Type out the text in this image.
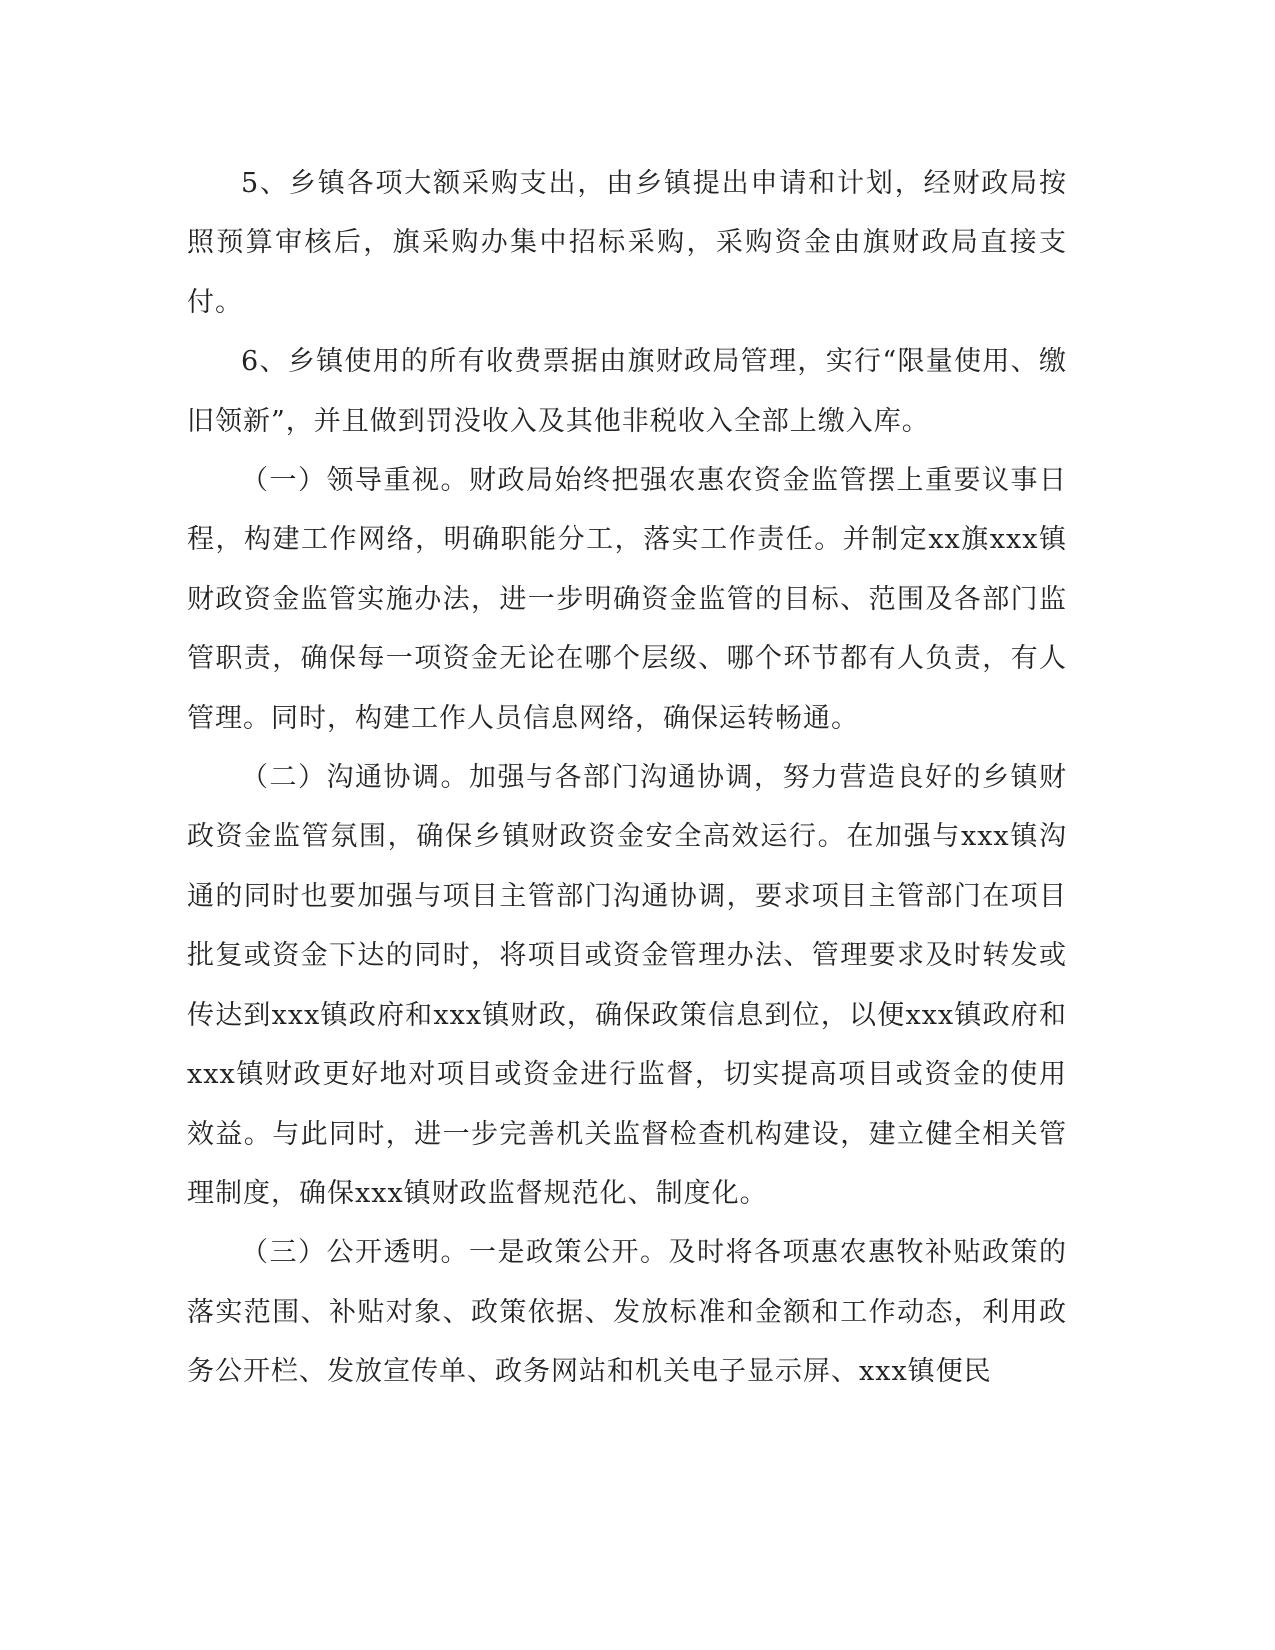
5、乡镇各项大额采购支出，由乡镇提出申请和计划，经财政局按照预算审核后，旗采购办集中招标采购，采购资金由旗财政局直接支付。

6、乡镇使用的所有收费票据由旗财政局管理，实行“限量使用、缴旧领新”，并且做到罚没收入及其他非税收入全部上缴入库。

（一）领导重视。财政局始终把强农惠农资金监管摆上重要议事日程，构建工作网络，明确职能分工，落实工作责任。并制定xx旗xxx镇财政资金监管实施办法，进一步明确资金监管的目标、范围及各部门监管职责，确保每一项资金无论在哪个层级、哪个环节都有人负责，有人管理。同时，构建工作人员信息网络，确保运转畅通。

（二）沟通协调。加强与各部门沟通协调，努力营造良好的乡镇财政资金监管氛围，确保乡镇财政资金安全高效运行。在加强与xxx镇沟通的同时也要加强与项目主管部门沟通协调，要求项目主管部门在项目批复或资金下达的同时，将项目或资金管理办法、管理要求及时转发或传达到xxx镇政府和xxx镇财政，确保政策信息到位，以便xxx镇政府和xxx镇财政更好地对项目或资金进行监督，切实提高项目或资金的使用效益。与此同时，进一步完善机关监督检查机构建设，建立健全相关管理制度，确保xxx镇财政监督规范化、制度化。

（三）公开透明。一是政策公开。及时将各项惠农惠牧补贴政策的落实范围、补贴对象、政策依据、发放标准和金额和工作动态，利用政务公开栏、发放宣传单、政务网站和机关电子显示屏、xxx镇便民
